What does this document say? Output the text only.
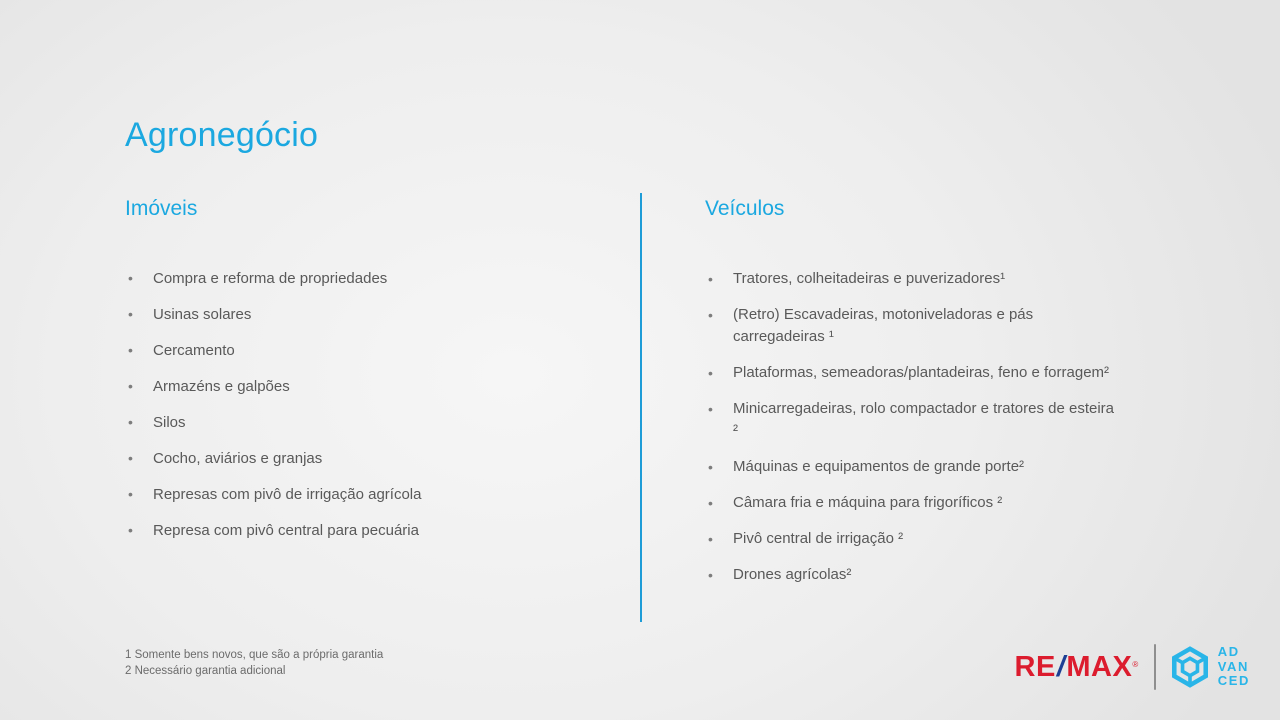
Agronegócio
Imóveis
•	Compra e reforma de propriedades
•	Usinas solares
•	Cercamento
•	Armazéns e galpões
•	Silos
•	Cocho, aviários e granjas
•	Represas com pivô de irrigação agrícola
•	Represa com pivô central para pecuária
Veículos
•	Tratores, colheitadeiras e puverizadores¹
•	(Retro) Escavadeiras, motoniveladoras e pás carregadeiras ¹
•	Plataformas, semeadoras/plantadeiras, feno e forragem²
•	Minicarregadeiras, rolo compactador e tratores de esteira ²
•	Máquinas e equipamentos de grande porte²
•	Câmara fria e máquina para frigoríficos ²
•	Pivô central de irrigação ²
•	Drones agrícolas²
1 Somente bens novos, que são a própria garantia
2 Necessário garantia adicional	RE/MAX®
AD
VAN
CED
